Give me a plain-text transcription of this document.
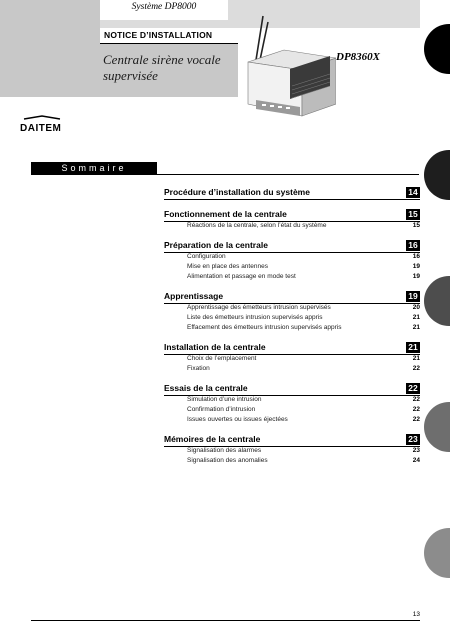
Système DP8000
NOTICE D’INSTALLATION
Centrale sirène vocale
supervisée
DP8360X
DAITEM
Sommaire
Procédure d’installation du système	14
Fonctionnement de la centrale	15
Réactions de la centrale, selon l’état du système	15
Préparation de la centrale	16
Configuration	16
Mise en place des antennes	19
Alimentation et passage en mode test	19
Apprentissage	19
Apprentissage des émetteurs intrusion supervisés	20
Liste des émetteurs intrusion supervisés appris	21
Effacement des émetteurs intrusion supervisés appris	21
Installation de la centrale	21
Choix de l’emplacement	21
Fixation	22
Essais de la centrale	22
Simulation d’une intrusion	22
Confirmation d’intrusion	22
Issues ouvertes ou issues éjectées	22
Mémoires de la centrale	23
Signalisation des alarmes	23
Signalisation des anomalies	24
13
